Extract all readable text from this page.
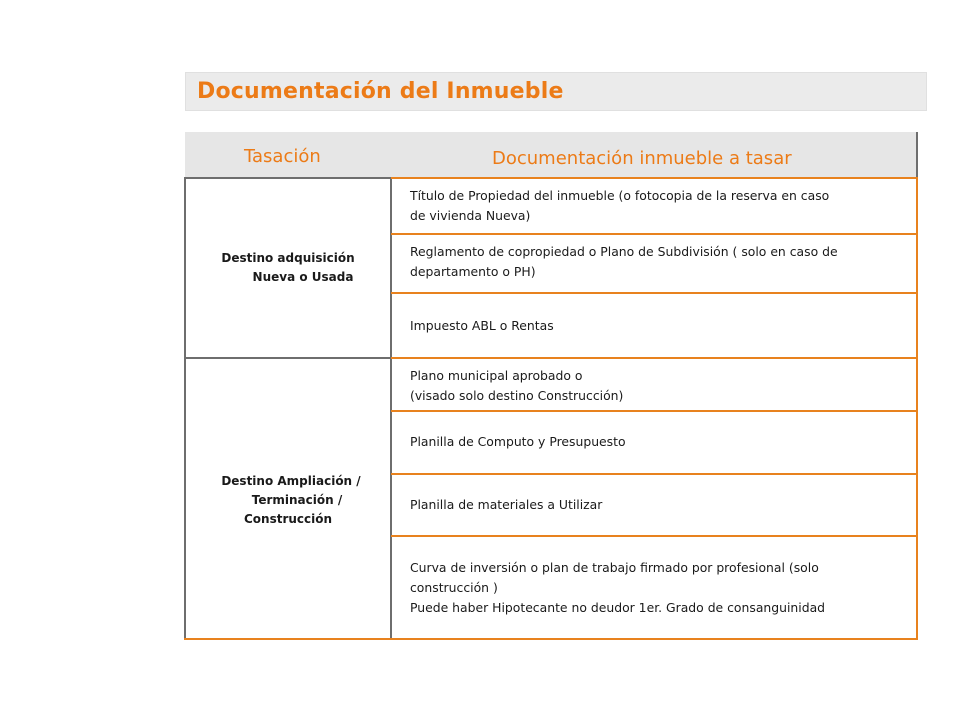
Documentación del Inmueble
Tasación	Documentación inmueble a tasar
Destino adquisición
Nueva o Usada
Destino Ampliación /
Terminación /
Construcción
Título de Propiedad del inmueble (o fotocopia de la reserva en caso
de vivienda Nueva)
Reglamento de copropiedad o Plano de Subdivisión ( solo en caso de
departamento o PH)
Impuesto ABL o Rentas
Plano municipal aprobado o
(visado solo destino Construcción)
Planilla de Computo y Presupuesto
Planilla de materiales a Utilizar
Curva de inversión o plan de trabajo firmado por profesional (solo
construcción )
Puede haber Hipotecante no deudor 1er. Grado de consanguinidad
